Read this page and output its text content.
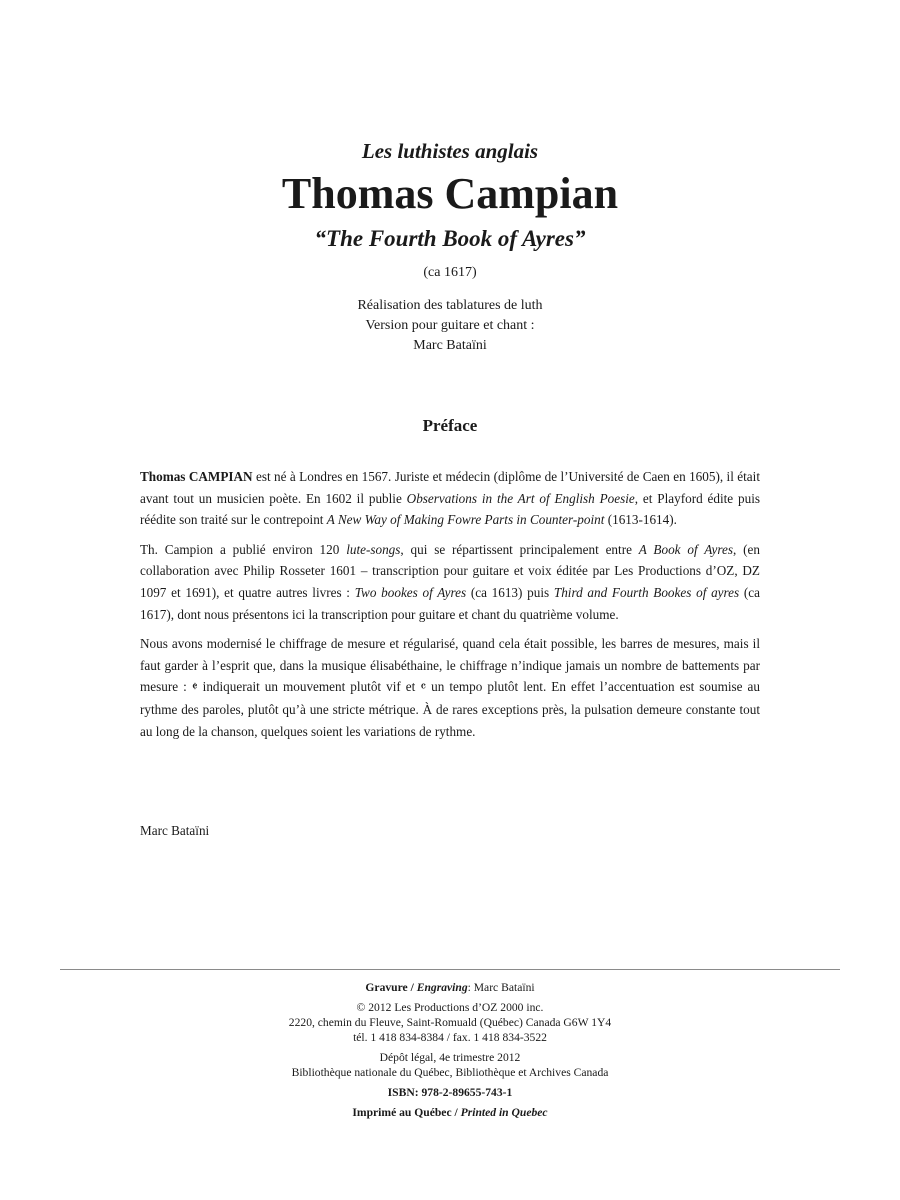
Les luthistes anglais
Thomas Campian
“The Fourth Book of Ayres”
(ca 1617)
Réalisation des tablatures de luth
Version pour guitare et chant :
Marc Bataïni
Préface

Thomas CAMPIAN est né à Londres en 1567. Juriste et médecin (diplôme de l’Université de Caen en 1605), il était avant tout un musicien poète. En 1602 il publie Observations in the Art of English Poesie, et Playford édite puis réédite son traité sur le contrepoint A New Way of Making Fowre Parts in Counter-point (1613-1614).

Th. Campion a publié environ 120 lute-songs, qui se répartissent principalement entre A Book of Ayres, (en collaboration avec Philip Rosseter 1601 – transcription pour guitare et voix éditée par Les Productions d’OZ, DZ 1097 et 1691), et quatre autres livres : Two bookes of Ayres (ca 1613) puis Third and Fourth Bookes of ayres (ca 1617), dont nous présentons ici la transcription pour guitare et chant du quatrième volume.

Nous avons modernisé le chiffrage de mesure et régularisé, quand cela était possible, les barres de mesures, mais il faut garder à l’esprit que, dans la musique élisabéthaine, le chiffrage n’indique jamais un nombre de battements par mesure : 𝄵 indiquerait un mouvement plutôt vif et 𝄴 un tempo plutôt lent. En effet l’accentuation est soumise au rythme des paroles, plutôt qu’à une stricte métrique. À de rares exceptions près, la pulsation demeure constante tout au long de la chanson, quelques soient les variations de rythme.

Marc Bataïni
Gravure / Engraving: Marc Bataïni
© 2012 Les Productions d’OZ 2000 inc.
2220, chemin du Fleuve, Saint-Romuald (Québec) Canada G6W 1Y4
tél. 1 418 834-8384 / fax. 1 418 834-3522
Dépôt légal, 4e trimestre 2012
Bibliothèque nationale du Québec, Bibliothèque et Archives Canada
ISBN: 978-2-89655-743-1
Imprimé au Québec / Printed in Quebec
